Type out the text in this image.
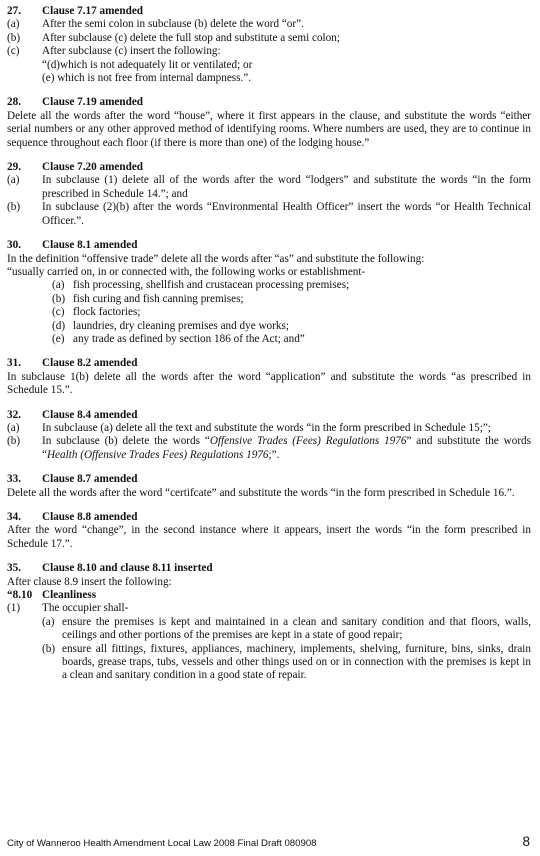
27.	Clause 7.17 amended
(a)	After the semi colon in subclause (b) delete the word “or”.
(b)	After subclause (c) delete the full stop and substitute a semi colon;
(c)	After subclause (c) insert the following:
“(d)which is not adequately lit or ventilated; or
(e) which is not free from internal dampness.”.
28.	Clause 7.19 amended
Delete all the words after the word “house”, where it first appears in the clause, and substitute the words “either serial numbers or any other approved method of identifying rooms. Where numbers are used, they are to continue in sequence throughout each floor (if there is more than one) of the lodging house.”
29.	Clause 7.20 amended
(a)	In subclause (1) delete all of the words after the word “lodgers” and substitute the words “in the form prescribed in Schedule 14.”; and
(b)	In subclause (2)(b) after the words “Environmental Health Officer” insert the words “or Health Technical Officer.”.
30.	Clause 8.1 amended
In the definition “offensive trade” delete all the words after “as” and substitute the following:
“usually carried on, in or connected with, the following works or establishment-
(a) fish processing, shellfish and crustacean processing premises;
(b) fish curing and fish canning premises;
(c) flock factories;
(d) laundries, dry cleaning premises and dye works;
(e) any trade as defined by section 186 of the Act; and”
31.	Clause 8.2 amended
In subclause 1(b) delete all the words after the word “application” and substitute the words “as prescribed in Schedule 15.”.
32.	Clause 8.4 amended
(a)	In subclause (a) delete all the text and substitute the words “in the form prescribed in Schedule 15;”;
(b)	In subclause (b) delete the words “Offensive Trades (Fees) Regulations 1976” and substitute the words “Health (Offensive Trades Fees) Regulations 1976;”.
33.	Clause 8.7 amended
Delete all the words after the word “certifcate” and substitute the words “in the form prescribed in Schedule 16.”.
34.	Clause 8.8 amended
After the word “change”, in the second instance where it appears, insert the words “in the form prescribed in Schedule 17.”.
35.	Clause 8.10 and clause 8.11 inserted
After clause 8.9 insert the following:
“8.10 Cleanliness
(1)	The occupier shall-
(a) ensure the premises is kept and maintained in a clean and sanitary condition and that floors, walls, ceilings and other portions of the premises are kept in a state of good repair;
(b) ensure all fittings, fixtures, appliances, machinery, implements, shelving, furniture, bins, sinks, drain boards, grease traps, tubs, vessels and other things used on or in connection with the premises is kept in a clean and sanitary condition in a good state of repair.
City of Wanneroo Health Amendment Local Law 2008 Final Draft 080908	8
